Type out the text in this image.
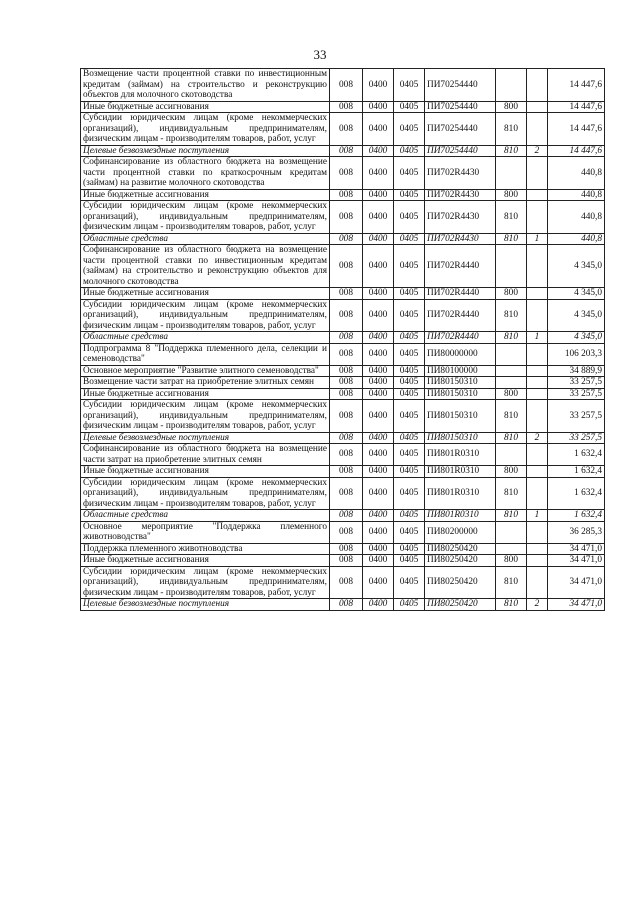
33
Возмещение части процентной ставки по инвестиционным кредитам (займам) на строительство и реконструкцию объектов для молочного скотоводства	008	0400	0405	ПИ70254440			14 447,6
Иные бюджетные ассигнования	008	0400	0405	ПИ70254440	800		14 447,6
Субсидии юридическим лицам (кроме некоммерческих организаций), индивидуальным предпринимателям, физическим лицам - производителям товаров, работ, услуг	008	0400	0405	ПИ70254440	810		14 447,6
Целевые безвозмездные поступления	008	0400	0405	ПИ70254440	810	2	14 447,6
Софинансирование из областного бюджета на возмещение части процентной ставки по краткосрочным кредитам (займам) на развитие молочного скотоводства	008	0400	0405	ПИ702R4430			440,8
Иные бюджетные ассигнования	008	0400	0405	ПИ702R4430	800		440,8
Субсидии юридическим лицам (кроме некоммерческих организаций), индивидуальным предпринимателям, физическим лицам - производителям товаров, работ, услуг	008	0400	0405	ПИ702R4430	810		440,8
Областные средства	008	0400	0405	ПИ702R4430	810	1	440,8
Софинансирование из областного бюджета на возмещение части процентной ставки по инвестиционным кредитам (займам) на строительство и реконструкцию объектов для молочного скотоводства	008	0400	0405	ПИ702R4440			4 345,0
Иные бюджетные ассигнования	008	0400	0405	ПИ702R4440	800		4 345,0
Субсидии юридическим лицам (кроме некоммерческих организаций), индивидуальным предпринимателям, физическим лицам - производителям товаров, работ, услуг	008	0400	0405	ПИ702R4440	810		4 345,0
Областные средства	008	0400	0405	ПИ702R4440	810	1	4 345,0
Подпрограмма 8 "Поддержка племенного дела, селекции и семеноводства"	008	0400	0405	ПИ80000000			106 203,3
Основное мероприятие "Развитие элитного семеноводства"	008	0400	0405	ПИ80100000			34 889,9
Возмещение части затрат на приобретение элитных семян	008	0400	0405	ПИ80150310			33 257,5
Иные бюджетные ассигнования	008	0400	0405	ПИ80150310	800		33 257,5
Субсидии юридическим лицам (кроме некоммерческих организаций), индивидуальным предпринимателям, физическим лицам - производителям товаров, работ, услуг	008	0400	0405	ПИ80150310	810		33 257,5
Целевые безвозмездные поступления	008	0400	0405	ПИ80150310	810	2	33 257,5
Софинансирование из областного бюджета на возмещение части затрат на приобретение элитных семян	008	0400	0405	ПИ801R0310			1 632,4
Иные бюджетные ассигнования	008	0400	0405	ПИ801R0310	800		1 632,4
Субсидии юридическим лицам (кроме некоммерческих организаций), индивидуальным предпринимателям, физическим лицам - производителям товаров, работ, услуг	008	0400	0405	ПИ801R0310	810		1 632,4
Областные средства	008	0400	0405	ПИ801R0310	810	1	1 632,4
Основное мероприятие "Поддержка племенного животноводства"	008	0400	0405	ПИ80200000			36 285,3
Поддержка племенного животноводства	008	0400	0405	ПИ80250420			34 471,0
Иные бюджетные ассигнования	008	0400	0405	ПИ80250420	800		34 471,0
Субсидии юридическим лицам (кроме некоммерческих организаций), индивидуальным предпринимателям, физическим лицам - производителям товаров, работ, услуг	008	0400	0405	ПИ80250420	810		34 471,0
Целевые безвозмездные поступления	008	0400	0405	ПИ80250420	810	2	34 471,0
